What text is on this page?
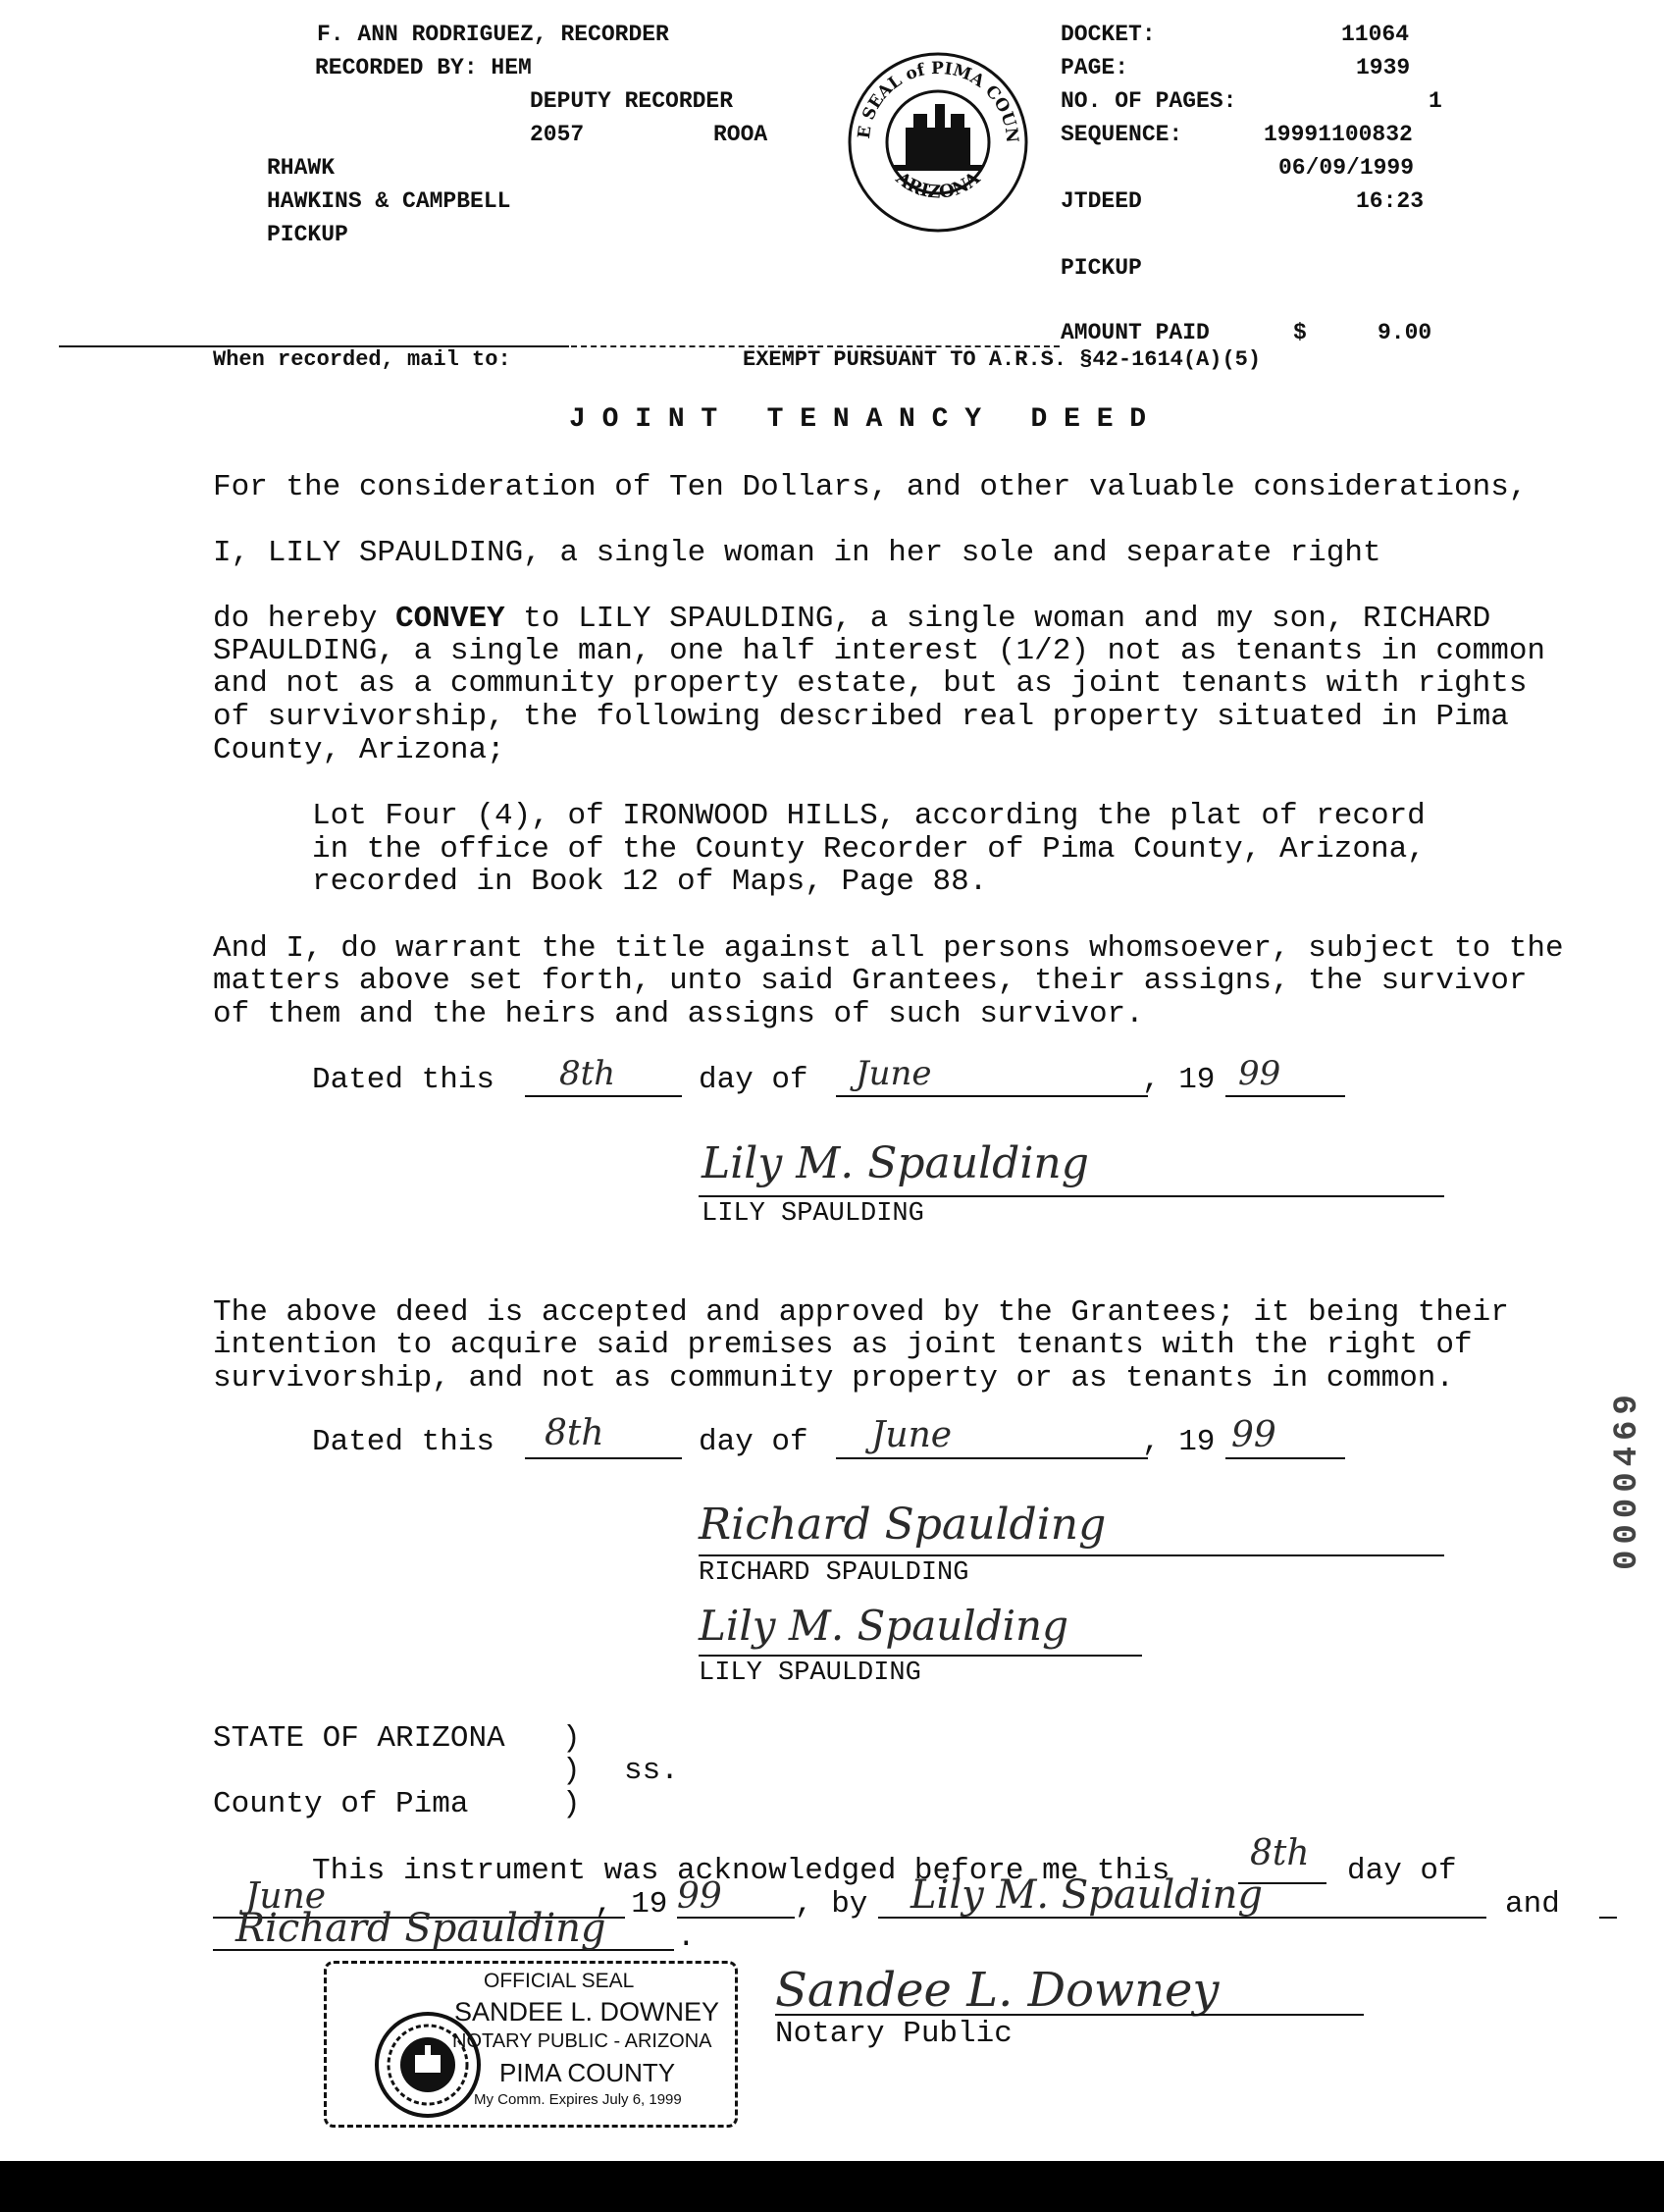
F. ANN RODRIGUEZ, RECORDER
RECORDED BY: HEM
DEPUTY RECORDER
2057	ROOA
RHAWK
HAWKINS & CAMPBELL
PICKUP

E SEAL of PIMA COUN
ARIZONA

DOCKET:	11064
PAGE:	1939
NO. OF PAGES:	1
SEQUENCE:	19991100832
06/09/1999
JTDEED	16:23
PICKUP
AMOUNT PAID	$	9.00
When recorded, mail to:	EXEMPT PURSUANT TO A.R.S. §42-1614(A)(5)
J O I N T   T E N A N C Y   D E E D
For the consideration of Ten Dollars, and other valuable considerations,
I, LILY SPAULDING, a single woman in her sole and separate right
do hereby CONVEY to LILY SPAULDING, a single woman and my son, RICHARD
SPAULDING, a single man, one half interest (1/2) not as tenants in common
and not as a community property estate, but as joint tenants with rights
of survivorship, the following described real property situated in Pima
County, Arizona;
Lot Four (4), of IRONWOOD HILLS, according the plat of record
in the office of the County Recorder of Pima County, Arizona,
recorded in Book 12 of Maps, Page 88.
And I, do warrant the title against all persons whomsoever, subject to the
matters above set forth, unto said Grantees, their assigns, the survivor
of them and the heirs and assigns of such survivor.
Dated this 8th	day of June	, 19 99
Lily M. Spaulding
LILY SPAULDING
The above deed is accepted and approved by the Grantees; it being their
intention to acquire said premises as joint tenants with the right of
survivorship, and not as community property or as tenants in common.
Dated this 8th	day of June	, 19 99
Richard Spaulding
RICHARD SPAULDING
Lily M. Spaulding
LILY SPAULDING
STATE OF ARIZONA )
) ss.
County of Pima	)
This instrument was acknowledged before me this 8th day of
June	, 19 99 , by Lily M. Spaulding	and
Richard Spaulding .

OFFICIAL SEAL

SANDEE L. DOWNEY

NOTARY PUBLIC - ARIZONA

PIMA COUNTY

My Comm. Expires July 6, 1999

Sandee L. Downey
Notary Public
0000469
